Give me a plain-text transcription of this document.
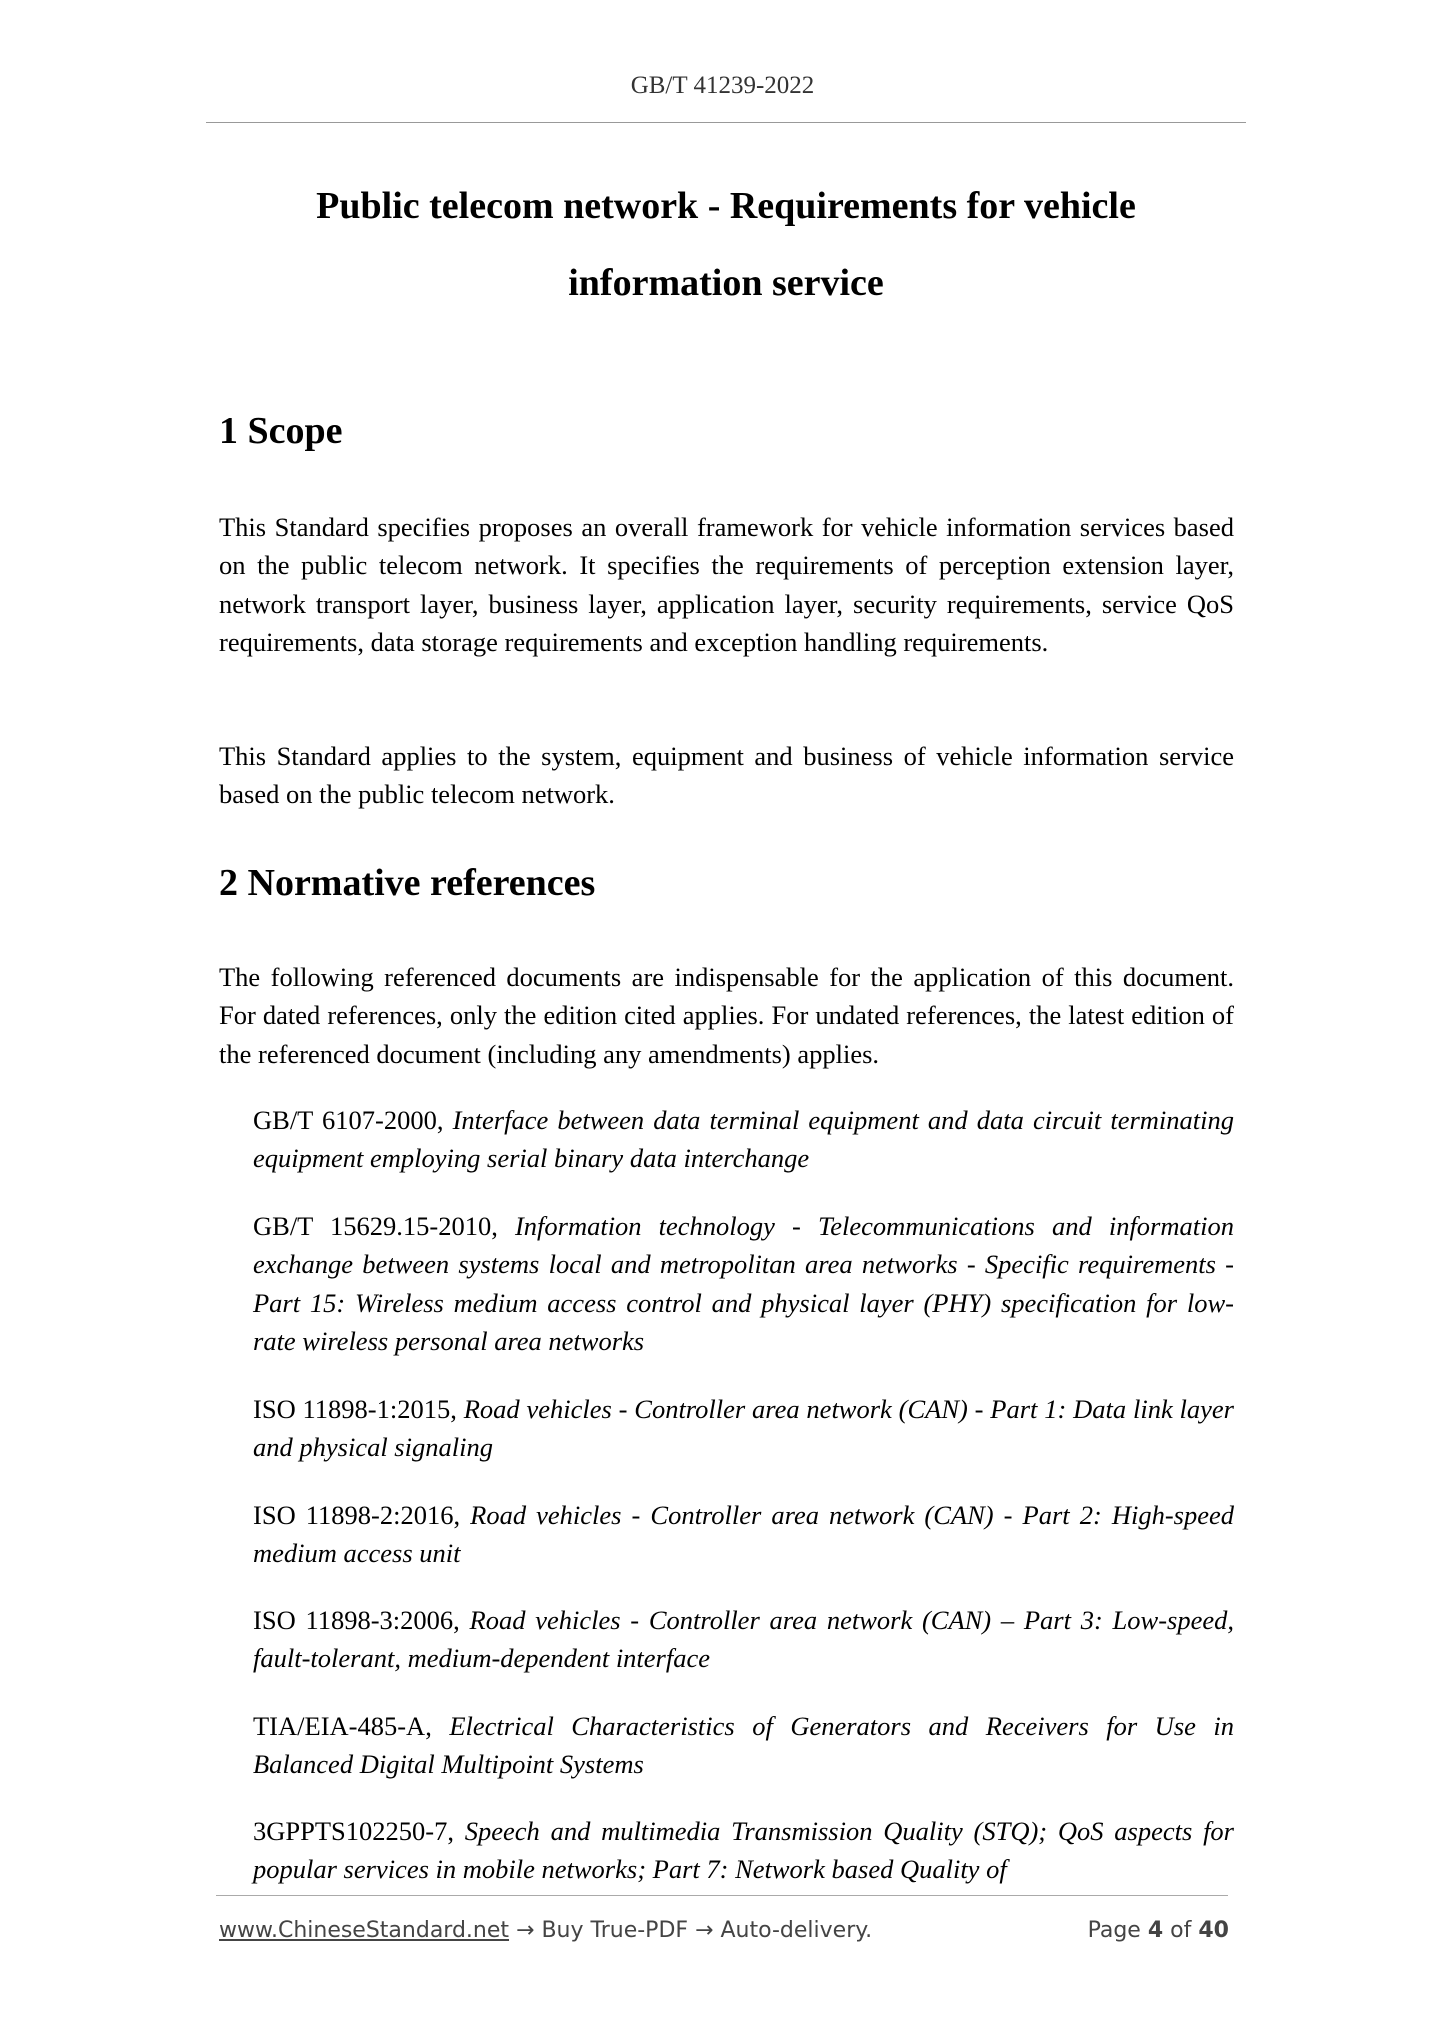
GB/T 41239-2022
Public telecom network - Requirements for vehicle
information service
1 Scope

This Standard specifies proposes an overall framework for vehicle information services based on the public telecom network. It specifies the requirements of perception extension layer, network transport layer, business layer, application layer, security requirements, service QoS requirements, data storage requirements and exception handling requirements.

This Standard applies to the system, equipment and business of vehicle information service based on the public telecom network.

2 Normative references

The following referenced documents are indispensable for the application of this document. For dated references, only the edition cited applies. For undated references, the latest edition of the referenced document (including any amendments) applies.

GB/T 6107-2000, Interface between data terminal equipment and data circuit terminating equipment employing serial binary data interchange

GB/T 15629.15-2010, Information technology - Telecommunications and information exchange between systems local and metropolitan area networks - Specific requirements - Part 15: Wireless medium access control and physical layer (PHY) specification for low-rate wireless personal area networks

ISO 11898-1:2015, Road vehicles - Controller area network (CAN) - Part 1: Data link layer and physical signaling

ISO 11898-2:2016, Road vehicles - Controller area network (CAN) - Part 2: High-speed medium access unit

ISO 11898-3:2006, Road vehicles - Controller area network (CAN) – Part 3: Low-speed, fault-tolerant, medium-dependent interface

TIA/EIA-485-A, Electrical Characteristics of Generators and Receivers for Use in Balanced Digital Multipoint Systems

3GPPTS102250-7, Speech and multimedia Transmission Quality (STQ); QoS aspects for popular services in mobile networks; Part 7: Network based Quality of

www.ChineseStandard.net → Buy True-PDF → Auto-delivery.	Page 4 of 40
